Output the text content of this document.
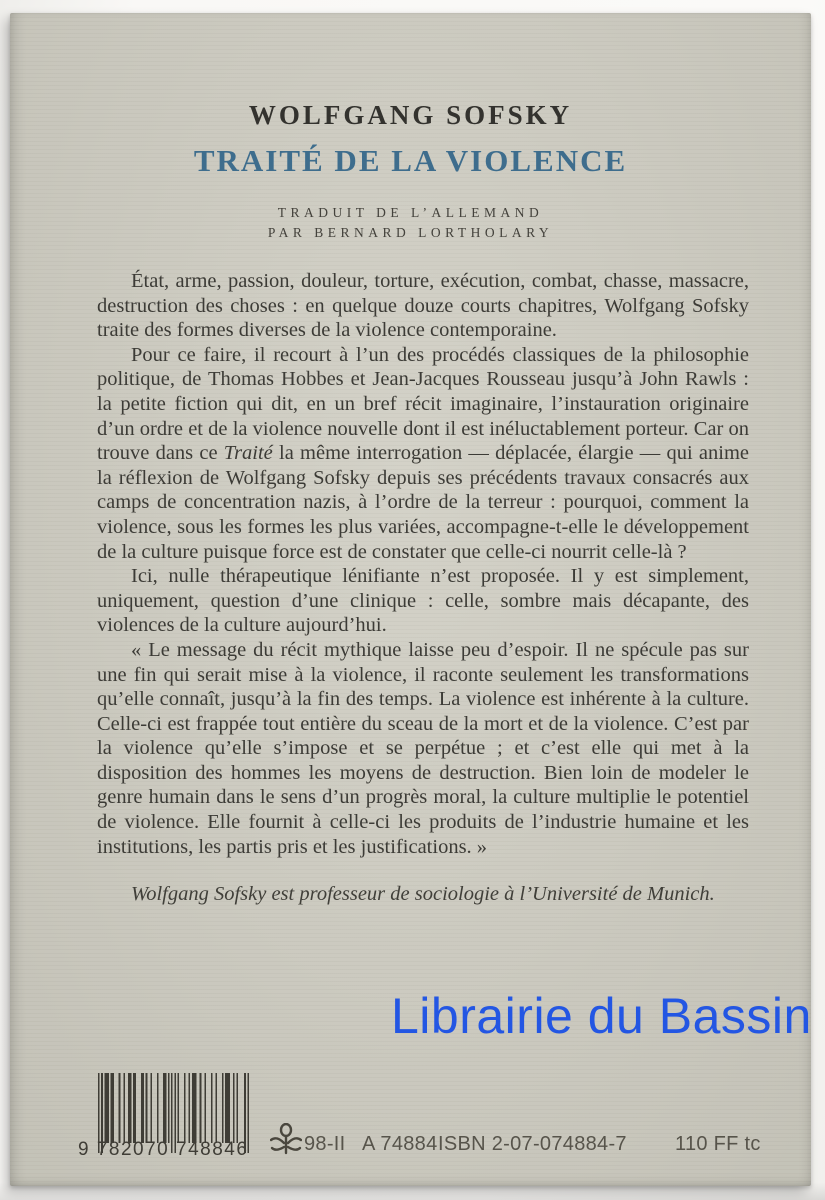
WOLFGANG SOFSKY
TRAITÉ DE LA VIOLENCE
TRADUIT DE L’ALLEMAND
PAR BERNARD LORTHOLARY

État, arme, passion, douleur, torture, exécution, combat, chasse, massacre, destruction des choses : en quelque douze courts chapitres, Wolfgang Sofsky traite des formes diverses de la violence contemporaine.

Pour ce faire, il recourt à l’un des procédés classiques de la philosophie politique, de Thomas Hobbes et Jean-Jacques Rousseau jusqu’à John Rawls : la petite fiction qui dit, en un bref récit imaginaire, l’instauration originaire d’un ordre et de la violence nouvelle dont il est inéluctablement porteur. Car on trouve dans ce Traité la même interrogation — déplacée, élargie — qui anime la réflexion de Wolfgang Sofsky depuis ses précédents travaux consacrés aux camps de concentration nazis, à l’ordre de la terreur : pourquoi, comment la violence, sous les formes les plus variées, accompagne-t-elle le développement de la culture puisque force est de constater que celle-ci nourrit celle-là ?

Ici, nulle thérapeutique lénifiante n’est proposée. Il y est simplement, uniquement, question d’une clinique : celle, sombre mais décapante, des violences de la culture aujourd’hui.

« Le message du récit mythique laisse peu d’espoir. Il ne spécule pas sur une fin qui serait mise à la violence, il raconte seulement les transformations qu’elle connaît, jusqu’à la fin des temps. La violence est inhérente à la culture. Celle-ci est frappée tout entière du sceau de la mort et de la violence. C’est par la violence qu’elle s’impose et se perpétue ; et c’est elle qui met à la disposition des hommes les moyens de destruction. Bien loin de modeler le genre humain dans le sens d’un progrès moral, la culture multiplie le potentiel de violence. Elle fournit à celle-ci les produits de l’industrie humaine et les institutions, les partis pris et les justifications. »

Wolfgang Sofsky est professeur de sociologie à l’Université de Munich.

Librairie du Bassin
9 782070 748846	98-II A 74884 ISBN 2-07-074884-7 110 FF tc
